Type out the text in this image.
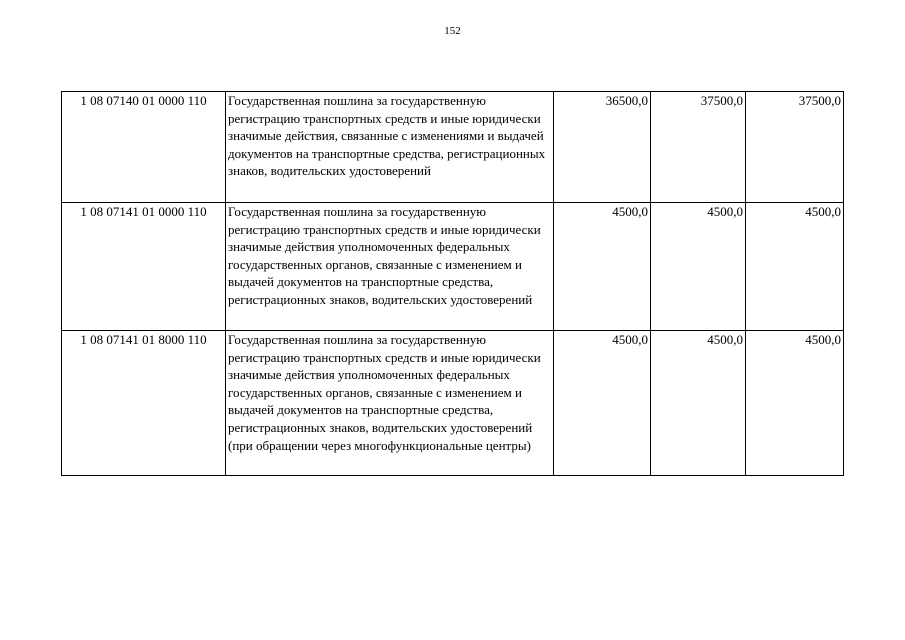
152
1 08 07140 01 0000 110	Государственная пошлина за государственную регистрацию транспортных средств и иные юридически значимые действия, связанные с изменениями и выдачей документов на транспортные средства, регистрационных знаков, водительских удостоверений	36500,0	37500,0	37500,0
1 08 07141 01 0000 110	Государственная пошлина за государственную регистрацию транспортных средств и иные юридически значимые действия уполномоченных федеральных государственных органов, связанные с изменением и выдачей документов на транспортные средства, регистрационных знаков, водительских удостоверений	4500,0	4500,0	4500,0
1 08 07141 01 8000 110	Государственная пошлина за государственную регистрацию транспортных средств и иные юридически значимые действия уполномоченных федеральных государственных органов, связанные с изменением и выдачей документов на транспортные средства, регистрационных знаков, водительских удостоверений (при обращении через многофункциональные центры)	4500,0	4500,0	4500,0
